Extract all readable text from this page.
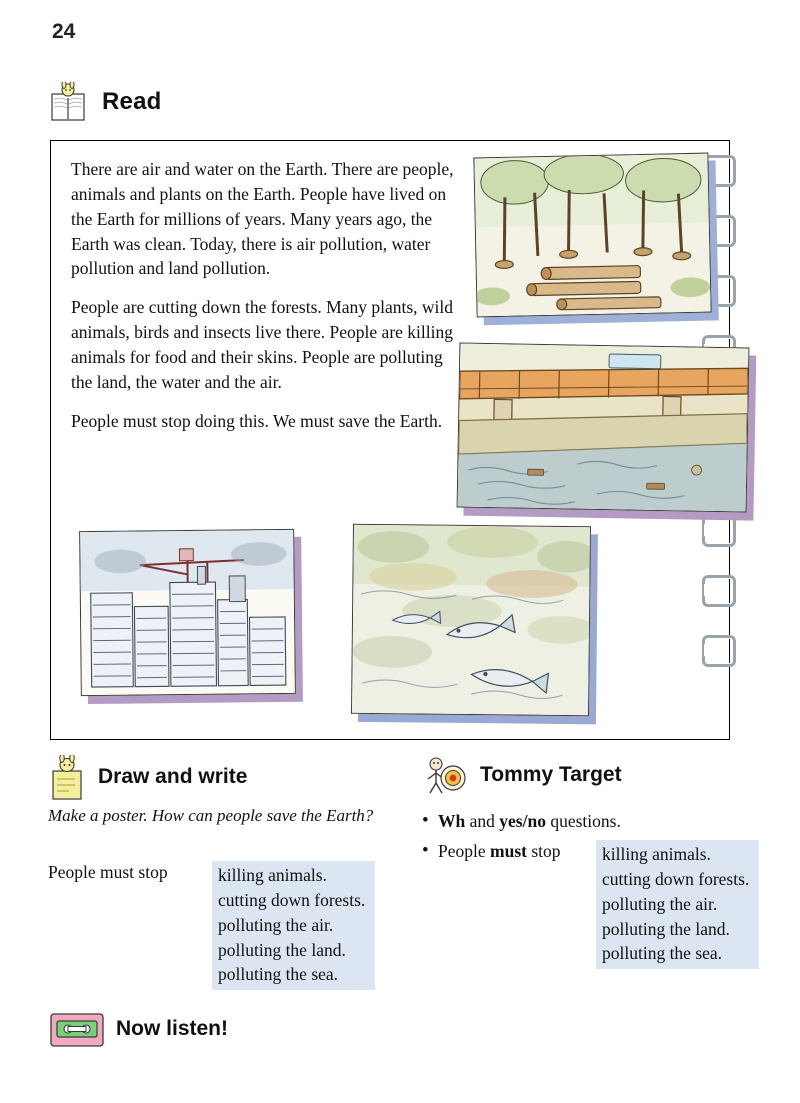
24
Read

There are air and water on the Earth. There are people, animals and plants on the Earth. People have lived on the Earth for millions of years. Many years ago, the Earth was clean. Today, there is air pollution, water pollution and land pollution.

People are cutting down the forests. Many plants, wild animals, birds and insects live there. People are killing animals for food and their skins. People are polluting the land, the water and the air.

People must stop doing this. We must save the Earth.

Draw and write
Make a poster. How can people save the Earth?
People must stop	killing animals.
cutting down forests.
polluting the air.
polluting the land.
polluting the sea.
Tommy Target
• Wh and yes/no questions.
• People must stop	killing animals.
cutting down forests.
polluting the air.
polluting the land.
polluting the sea.
Now listen!
